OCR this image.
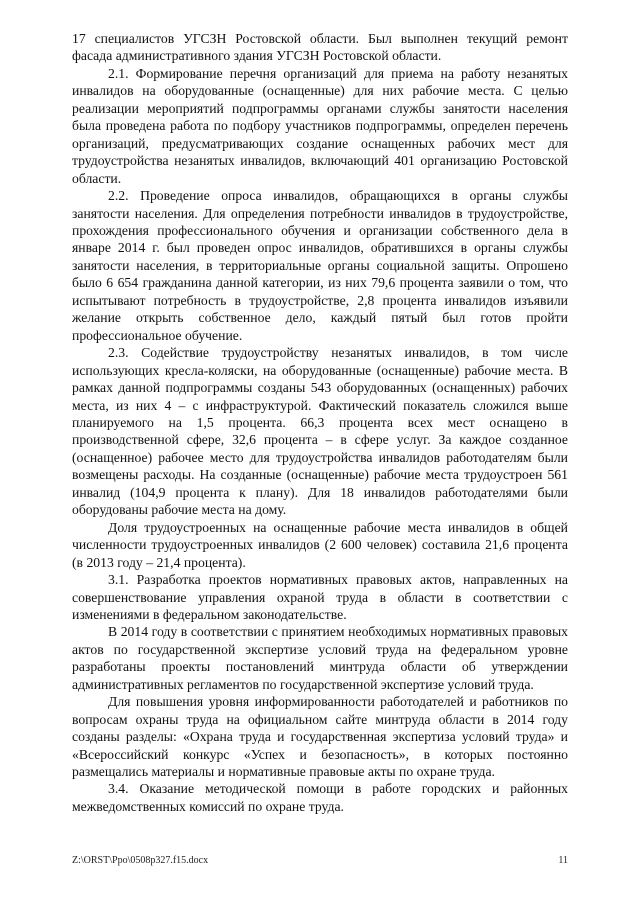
17 специалистов УГСЗН Ростовской области. Был выполнен текущий ремонт фасада административного здания УГСЗН Ростовской области.

2.1. Формирование перечня организаций для приема на работу незанятых инвалидов на оборудованные (оснащенные) для них рабочие места. С целью реализации мероприятий подпрограммы органами службы занятости населения была проведена работа по подбору участников подпрограммы, определен перечень организаций, предусматривающих создание оснащенных рабочих мест для трудоустройства незанятых инвалидов, включающий 401 организацию Ростовской области.

2.2. Проведение опроса инвалидов, обращающихся в органы службы занятости населения. Для определения потребности инвалидов в трудоустройстве, прохождения профессионального обучения и организации собственного дела в январе 2014 г. был проведен опрос инвалидов, обратившихся в органы службы занятости населения, в территориальные органы социальной защиты. Опрошено было 6 654 гражданина данной категории, из них 79,6 процента заявили о том, что испытывают потребность в трудоустройстве, 2,8 процента инвалидов изъявили желание открыть собственное дело, каждый пятый был готов пройти профессиональное обучение.

2.3. Содействие трудоустройству незанятых инвалидов, в том числе использующих кресла-коляски, на оборудованные (оснащенные) рабочие места. В рамках данной подпрограммы созданы 543 оборудованных (оснащенных) рабочих места, из них 4 – с инфраструктурой. Фактический показатель сложился выше планируемого на 1,5 процента. 66,3 процента всех мест оснащено в производственной сфере, 32,6 процента – в сфере услуг. За каждое созданное (оснащенное) рабочее место для трудоустройства инвалидов работодателям были возмещены расходы. На созданные (оснащенные) рабочие места трудоустроен 561 инвалид (104,9 процента к плану). Для 18 инвалидов работодателями были оборудованы рабочие места на дому.

Доля трудоустроенных на оснащенные рабочие места инвалидов в общей численности трудоустроенных инвалидов (2 600 человек) составила 21,6 процента (в 2013 году – 21,4 процента).

3.1. Разработка проектов нормативных правовых актов, направленных на совершенствование управления охраной труда в области в соответствии с изменениями в федеральном законодательстве.

В 2014 году в соответствии с принятием необходимых нормативных правовых актов по государственной экспертизе условий труда на федеральном уровне разработаны проекты постановлений минтруда области об утверждении административных регламентов по государственной экспертизе условий труда.

Для повышения уровня информированности работодателей и работников по вопросам охраны труда на официальном сайте минтруда области в 2014 году созданы разделы: «Охрана труда и государственная экспертиза условий труда» и «Всероссийский конкурс «Успех и безопасность», в которых постоянно размещались материалы и нормативные правовые акты по охране труда.

3.4. Оказание методической помощи в работе городских и районных межведомственных комиссий по охране труда.

Z:\ORST\Ppo\0508p327.f15.docx	11
